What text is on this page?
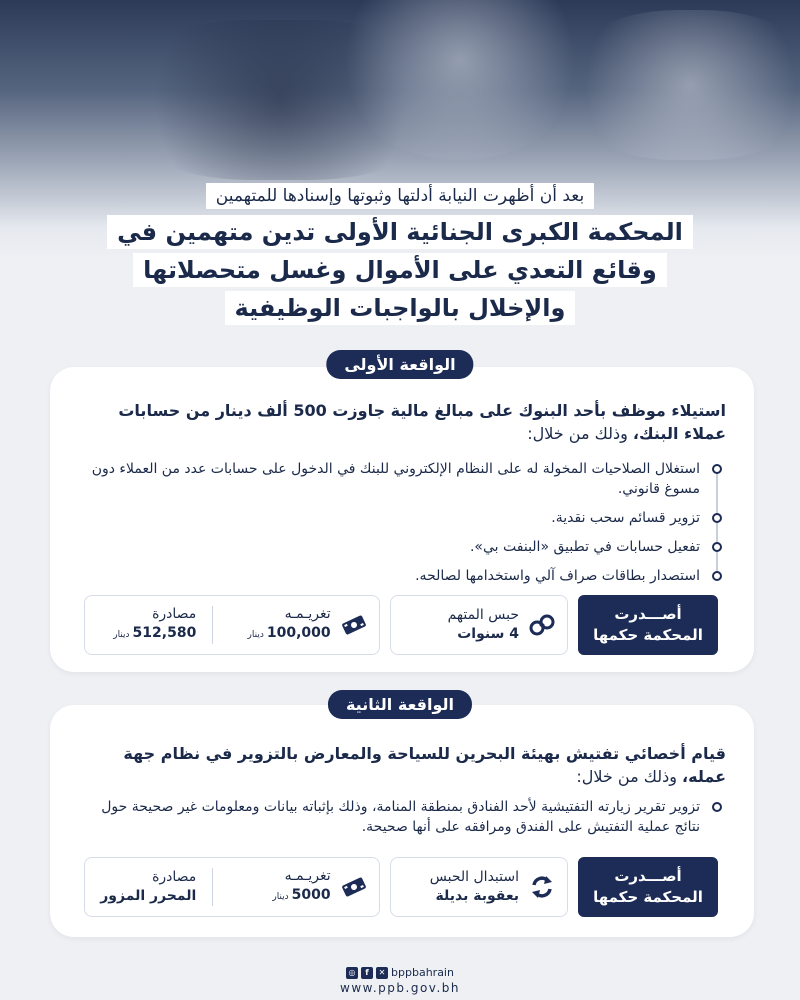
بعد أن أظهرت النيابة أدلتها وثبوتها وإسنادها للمتهمين
المحكمة الكبرى الجنائية الأولى تدين متهمين في
وقائع التعدي على الأموال وغسل متحصلاتها
والإخلال بالواجبات الوظيفية
استيلاء موظف بأحد البنوك على مبالغ مالية جاوزت 500 ألف دينار من حسابات عملاء البنك، وذلك من خلال:
استغلال الصلاحيات المخولة له على النظام الإلكتروني للبنك في الدخول على حسابات عدد من العملاء دون مسوغ قانوني.
تزوير قسائم سحب نقدية.
تفعيل حسابات في تطبيق «البنفت بي».
استصدار بطاقات صراف آلي واستخدامها لصالحه.
أصـــدرت
المحكمة حكمها
حبس المتهم
4 سنوات
تغريـمـه
100,000دينار
مصادرة
512,580دينار
الواقعة الأولى
قيام أخصائي تفتيش بهيئة البحرين للسياحة والمعارض بالتزوير في نظام جهة عمله، وذلك من خلال:
تزوير تقرير زيارته التفتيشية لأحد الفنادق بمنطقة المنامة، وذلك بإثباته بيانات ومعلومات غير صحيحة حول نتائج عملية التفتيش على الفندق ومرافقه على أنها صحيحة.
أصـــدرت
المحكمة حكمها
استبدال الحبس
بعقوبة بديلة
تغريـمـه
5000دينار
مصادرة
المحرر المزور
الواقعة الثانية
◎	f	✕ bppbahrain
www.ppb.gov.bh
